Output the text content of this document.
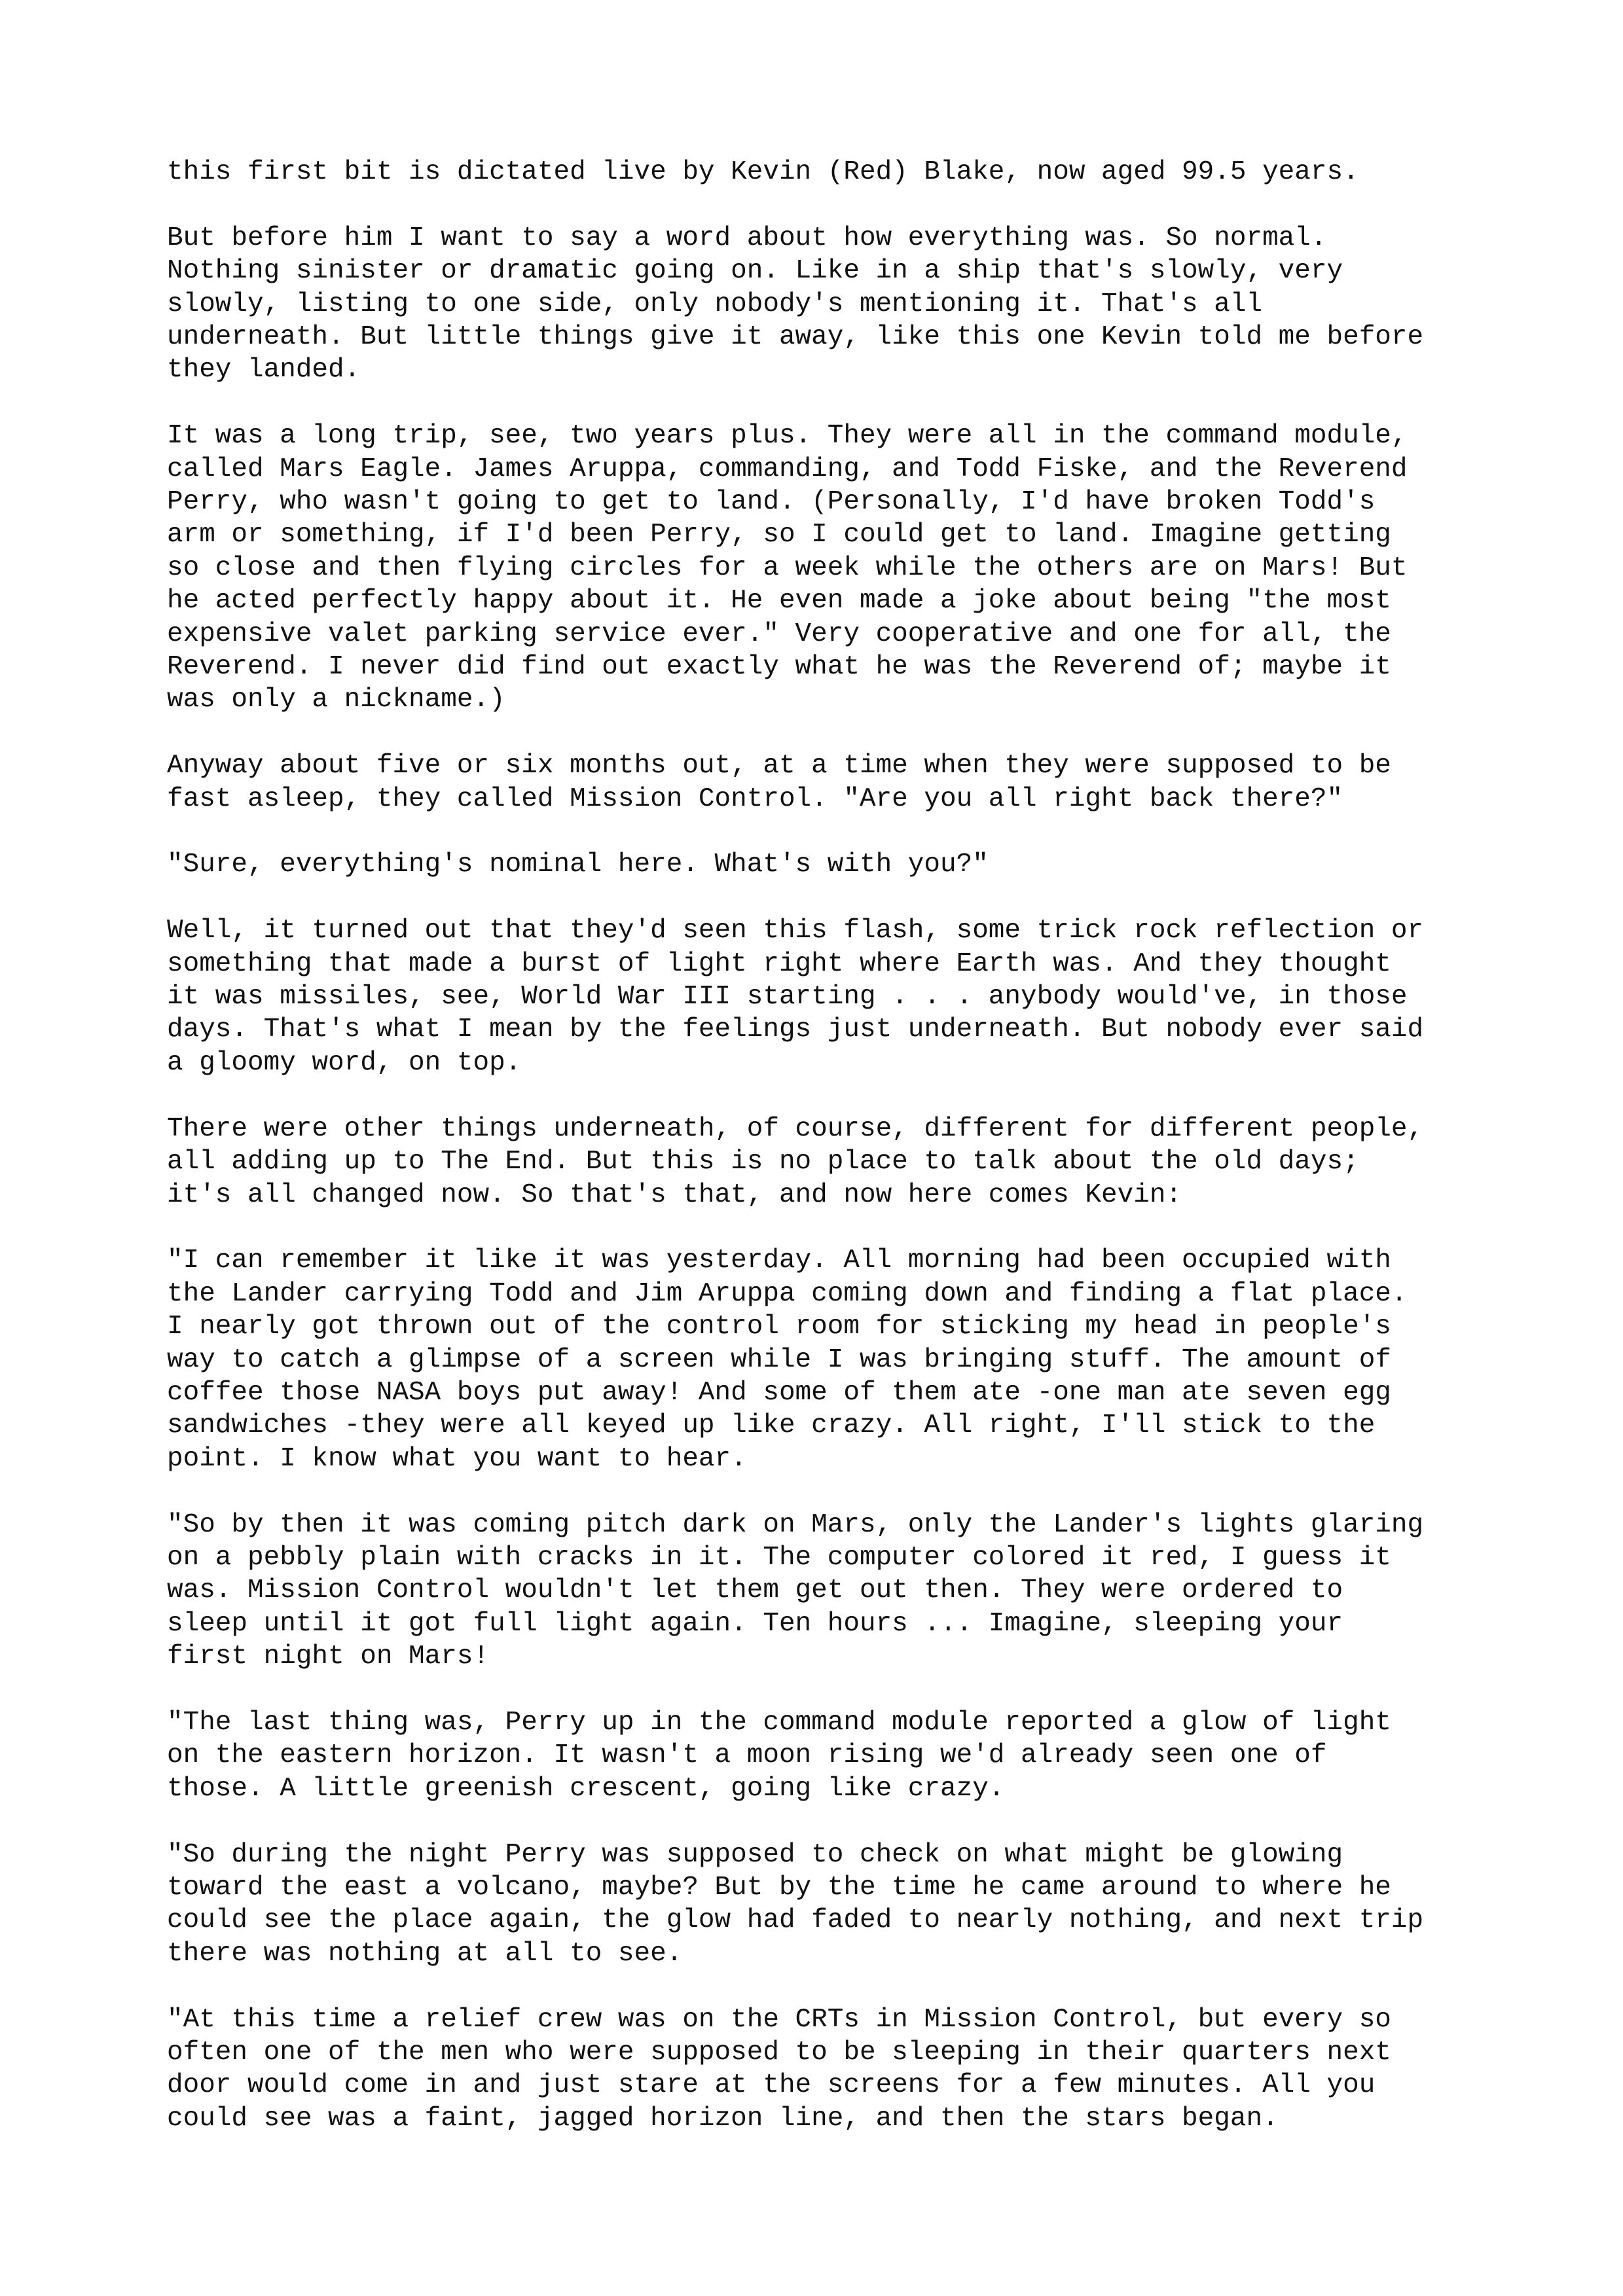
this first bit is dictated live by Kevin (Red) Blake, now aged 99.5 years.

But before him I want to say a word about how everything was. So normal.
Nothing sinister or dramatic going on. Like in a ship that's slowly, very
slowly, listing to one side, only nobody's mentioning it. That's all
underneath. But little things give it away, like this one Kevin told me before
they landed.

It was a long trip, see, two years plus. They were all in the command module,
called Mars Eagle. James Aruppa, commanding, and Todd Fiske, and the Reverend
Perry, who wasn't going to get to land. (Personally, I'd have broken Todd's
arm or something, if I'd been Perry, so I could get to land. Imagine getting
so close and then flying circles for a week while the others are on Mars! But
he acted perfectly happy about it. He even made a joke about being "the most
expensive valet parking service ever." Very cooperative and one for all, the
Reverend. I never did find out exactly what he was the Reverend of; maybe it
was only a nickname.)

Anyway about five or six months out, at a time when they were supposed to be
fast asleep, they called Mission Control. "Are you all right back there?"

"Sure, everything's nominal here. What's with you?"

Well, it turned out that they'd seen this flash, some trick rock reflection or
something that made a burst of light right where Earth was. And they thought
it was missiles, see, World War III starting . . . anybody would've, in those
days. That's what I mean by the feelings just underneath. But nobody ever said
a gloomy word, on top.

There were other things underneath, of course, different for different people,
all adding up to The End. But this is no place to talk about the old days;
it's all changed now. So that's that, and now here comes Kevin:

"I can remember it like it was yesterday. All morning had been occupied with
the Lander carrying Todd and Jim Aruppa coming down and finding a flat place.
I nearly got thrown out of the control room for sticking my head in people's
way to catch a glimpse of a screen while I was bringing stuff. The amount of
coffee those NASA boys put away! And some of them ate -one man ate seven egg
sandwiches -they were all keyed up like crazy. All right, I'll stick to the
point. I know what you want to hear.

"So by then it was coming pitch dark on Mars, only the Lander's lights glaring
on a pebbly plain with cracks in it. The computer colored it red, I guess it
was. Mission Control wouldn't let them get out then. They were ordered to
sleep until it got full light again. Ten hours ... Imagine, sleeping your
first night on Mars!

"The last thing was, Perry up in the command module reported a glow of light
on the eastern horizon. It wasn't a moon rising we'd already seen one of
those. A little greenish crescent, going like crazy.

"So during the night Perry was supposed to check on what might be glowing
toward the east a volcano, maybe? But by the time he came around to where he
could see the place again, the glow had faded to nearly nothing, and next trip
there was nothing at all to see.

"At this time a relief crew was on the CRTs in Mission Control, but every so
often one of the men who were supposed to be sleeping in their quarters next
door would come in and just stare at the screens for a few minutes. All you
could see was a faint, jagged horizon line, and then the stars began.
